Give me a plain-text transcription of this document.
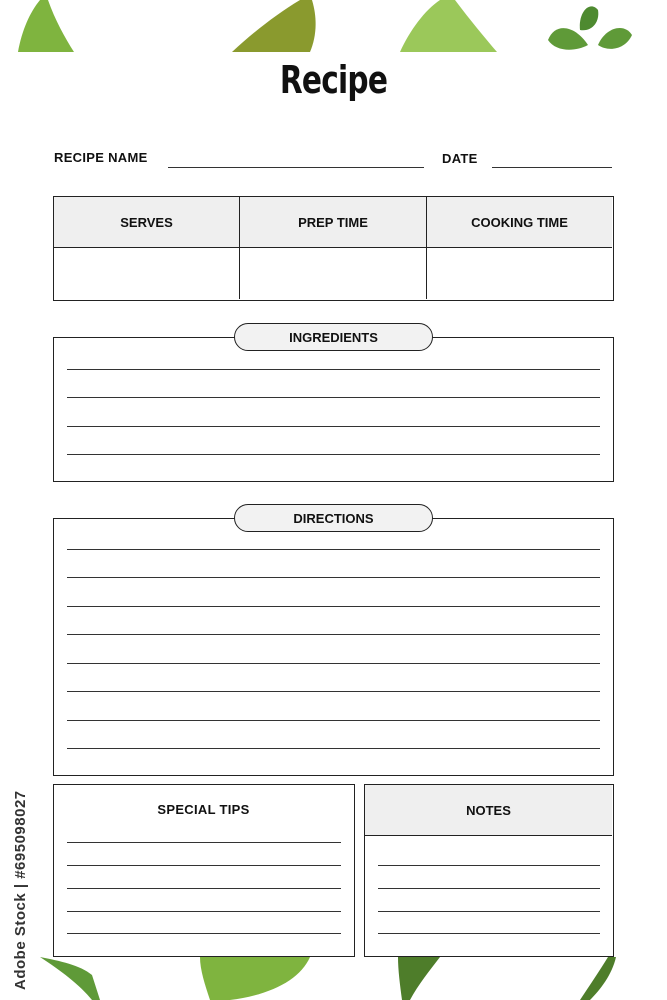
Recipe
RECIPE NAME	DATE
SERVES	PREP TIME	COOKING TIME
INGREDIENTS
DIRECTIONS
SPECIAL TIPS	NOTES
Adobe Stock | #695098027
